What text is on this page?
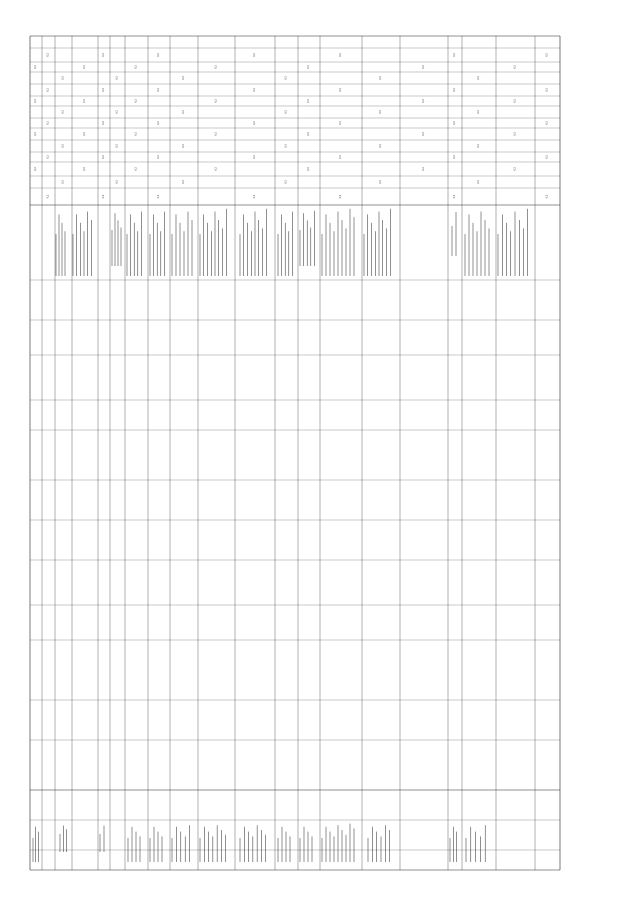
0,2
0,2
0,2
0,2
0,2
0,2
0,2
0,2
0,2
0,2
0,2
0,2
0,2
0,2
0,2
0,2
0,2
0,2
0,2
0,2
0,2
0,2
0,2
0,2
0,2
0,2
0,2
0,2
0,2
0,2
0,2
0,2
0,2
0,2
0,2
0,2
0,2
0,2
0,2
0,2
0,2
0,2
0,2
0,2
0,2
0,2
0,2
0,2
0,2
0,2
0,2
0,2
0,2
0,2
0,2
0,2
0,2
0,2
0,2
0,2
0,2
0,2
0,2
0,2
0,2
0,2
0,2
0,2
0,2
0,2
0,2
0,2
0,2
0,2
0,2
0,2
0,2
0,2
0,2
0,2
0,2
0,2
0,2
0,2
0,2
0,2
0,2
